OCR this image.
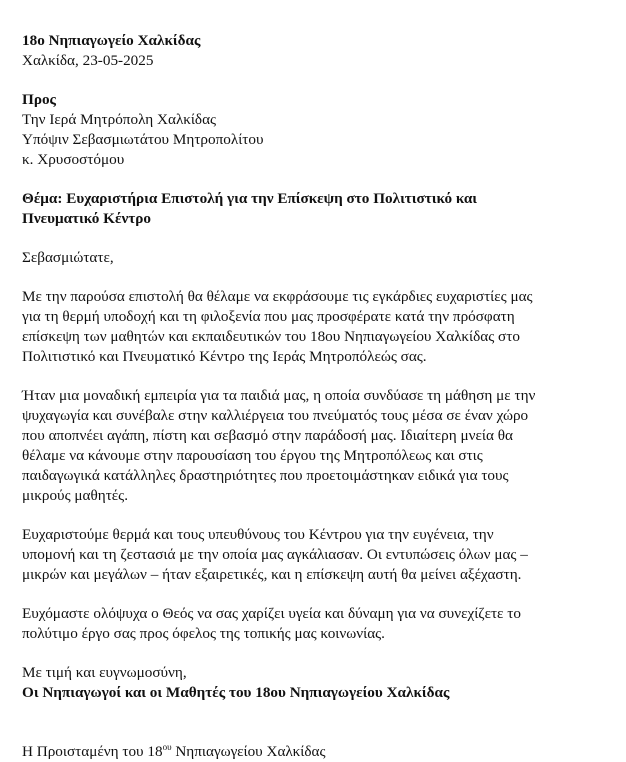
18ο Νηπιαγωγείο Χαλκίδας
Χαλκίδα, 23-05-2025
Προς
Την Ιερά Μητρόπολη Χαλκίδας
Υπόψιν Σεβασμιωτάτου Μητροπολίτου
κ. Χρυσοστόμου
Θέμα: Ευχαριστήρια Επιστολή για την Επίσκεψη στο Πολιτιστικό και
Πνευματικό Κέντρο
Σεβασμιώτατε,
Με την παρούσα επιστολή θα θέλαμε να εκφράσουμε τις εγκάρδιες ευχαριστίες μας
για τη θερμή υποδοχή και τη φιλοξενία που μας προσφέρατε κατά την πρόσφατη
επίσκεψη των μαθητών και εκπαιδευτικών του 18ου Νηπιαγωγείου Χαλκίδας στο
Πολιτιστικό και Πνευματικό Κέντρο της Ιεράς Μητροπόλεώς σας.
Ήταν μια μοναδική εμπειρία για τα παιδιά μας, η οποία συνδύασε τη μάθηση με την
ψυχαγωγία και συνέβαλε στην καλλιέργεια του πνεύματός τους μέσα σε έναν χώρο
που αποπνέει αγάπη, πίστη και σεβασμό στην παράδοσή μας. Ιδιαίτερη μνεία θα
θέλαμε να κάνουμε στην παρουσίαση του έργου της Μητροπόλεως και στις
παιδαγωγικά κατάλληλες δραστηριότητες που προετοιμάστηκαν ειδικά για τους
μικρούς μαθητές.
Ευχαριστούμε θερμά και τους υπευθύνους του Κέντρου για την ευγένεια, την
υπομονή και τη ζεστασιά με την οποία μας αγκάλιασαν. Οι εντυπώσεις όλων μας –
μικρών και μεγάλων – ήταν εξαιρετικές, και η επίσκεψη αυτή θα μείνει αξέχαστη.
Ευχόμαστε ολόψυχα ο Θεός να σας χαρίζει υγεία και δύναμη για να συνεχίζετε το
πολύτιμο έργο σας προς όφελος της τοπικής μας κοινωνίας.
Με τιμή και ευγνωμοσύνη,
Οι Νηπιαγωγοί και οι Μαθητές του 18ου Νηπιαγωγείου Χαλκίδας
Η Προισταμένη του $18^{o\upsilon}$ Νηπιαγωγείου Χαλκίδας
